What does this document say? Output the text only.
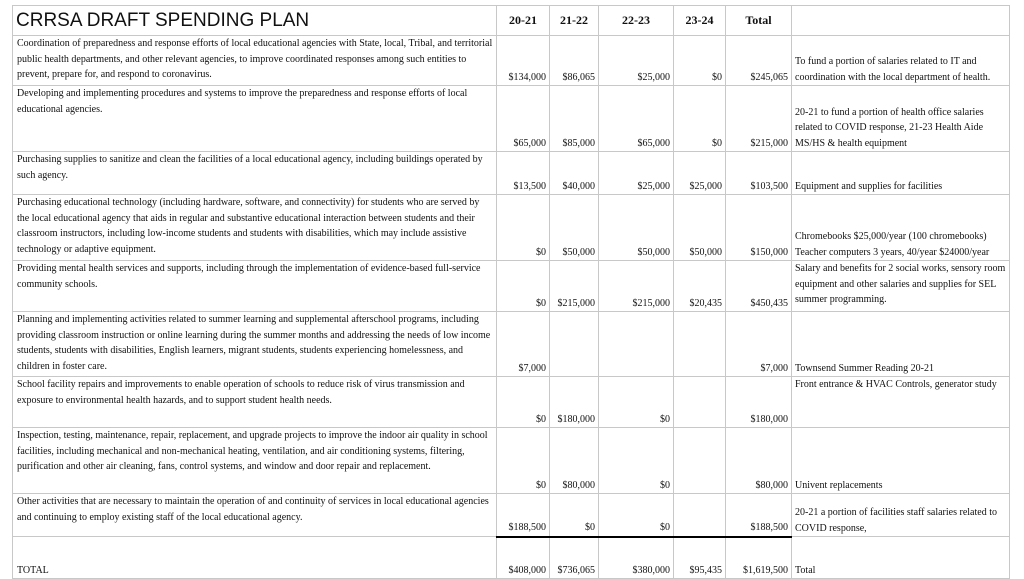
CRRSA DRAFT SPENDING PLAN	20-21	21-22	22-23	23-24	Total	
Coordination of preparedness and response efforts of local educational agencies with State, local, Tribal, and territorial public health departments, and other relevant agencies, to improve coordinated responses among such entities to prevent, prepare for, and respond to coronavirus.	$134,000	$86,065	$25,000	$0	$245,065	To fund a portion of salaries related to IT and coordination with the local department of health.
Developing and implementing procedures and systems to improve the preparedness and response efforts of local educational agencies.	$65,000	$85,000	$65,000	$0	$215,000	20-21 to fund a portion of health office salaries related to COVID response, 21-23 Health Aide MS/HS & health equipment
Purchasing supplies to sanitize and clean the facilities of a local educational agency, including buildings operated by such agency.	$13,500	$40,000	$25,000	$25,000	$103,500	Equipment and supplies for facilities
Purchasing educational technology (including hardware, software, and connectivity) for students who are served by the local educational agency that aids in regular and substantive educational interaction between students and their classroom instructors, including low-income students and students with disabilities, which may include assistive technology or adaptive equipment.	$0	$50,000	$50,000	$50,000	$150,000	Chromebooks $25,000/year (100 chromebooks) Teacher computers 3 years, 40/year $24000/year
Providing mental health services and supports, including through the implementation of evidence-based full-service community schools.	$0	$215,000	$215,000	$20,435	$450,435	Salary and benefits for 2 social works, sensory room equipment and other salaries and supplies for SEL summer programming.
Planning and implementing activities related to summer learning and supplemental afterschool programs, including providing classroom instruction or online learning during the summer months and addressing the needs of low income students, students with disabilities, English learners, migrant students, students experiencing homelessness, and children in foster care.	$7,000				$7,000	Townsend Summer Reading 20-21
School facility repairs and improvements to enable operation of schools to reduce risk of virus transmission and exposure to environmental health hazards, and to support student health needs.	$0	$180,000	$0		$180,000	Front entrance & HVAC Controls, generator study
Inspection, testing, maintenance, repair, replacement, and upgrade projects to improve the indoor air quality in school facilities, including mechanical and non-mechanical heating, ventilation, and air conditioning systems, filtering, purification and other air cleaning, fans, control systems, and window and door repair and replacement.	$0	$80,000	$0		$80,000	Univent replacements
Other activities that are necessary to maintain the operation of and continuity of services in local educational agencies and continuing to employ existing staff of the local educational agency.	$188,500	$0	$0		$188,500	20-21 a portion of facilities staff salaries related to COVID response,
TOTAL	$408,000	$736,065	$380,000	$95,435	$1,619,500	Total
